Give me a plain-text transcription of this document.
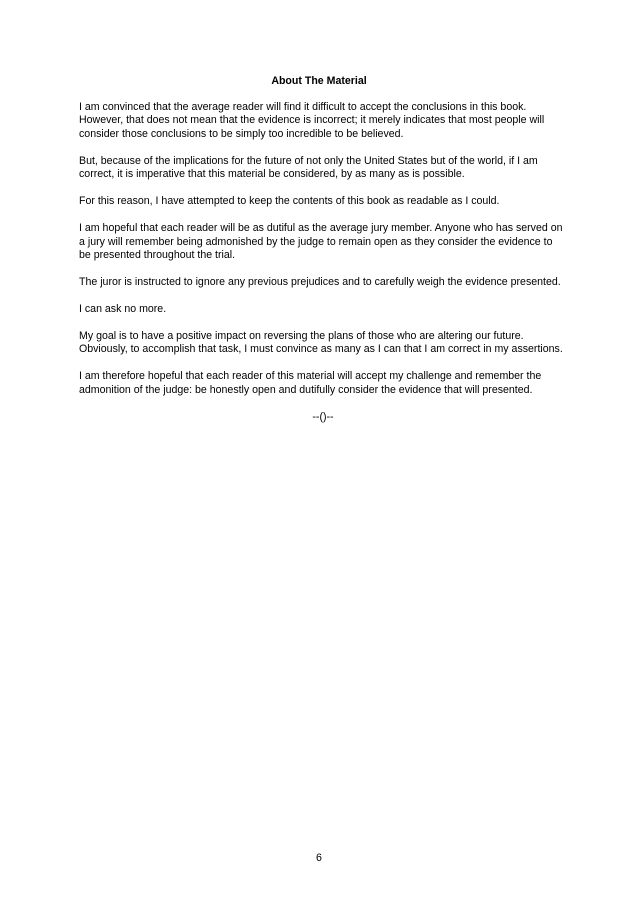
About The Material

I am convinced that the average reader will find it difficult to accept the conclusions in this book. However, that does not mean that the evidence is incorrect; it merely indicates that most people will consider those conclusions to be simply too incredible to be believed.

But, because of the implications for the future of not only the United States but of the world, if I am correct, it is imperative that this material be considered, by as many as is possible.

For this reason, I have attempted to keep the contents of this book as readable as I could.

I am hopeful that each reader will be as dutiful as the average jury member. Anyone who has served on a jury will remember being admonished by the judge to remain open as they consider the evidence to be presented throughout the trial.

The juror is instructed to ignore any previous prejudices and to carefully weigh the evidence presented.

I can ask no more.

My goal is to have a positive impact on reversing the plans of those who are altering our future. Obviously, to accomplish that task, I must convince as many as I can that I am correct in my assertions.

I am therefore hopeful that each reader of this material will accept my challenge and remember the admonition of the judge: be honestly open and dutifully consider the evidence that will presented.

--()--
6
